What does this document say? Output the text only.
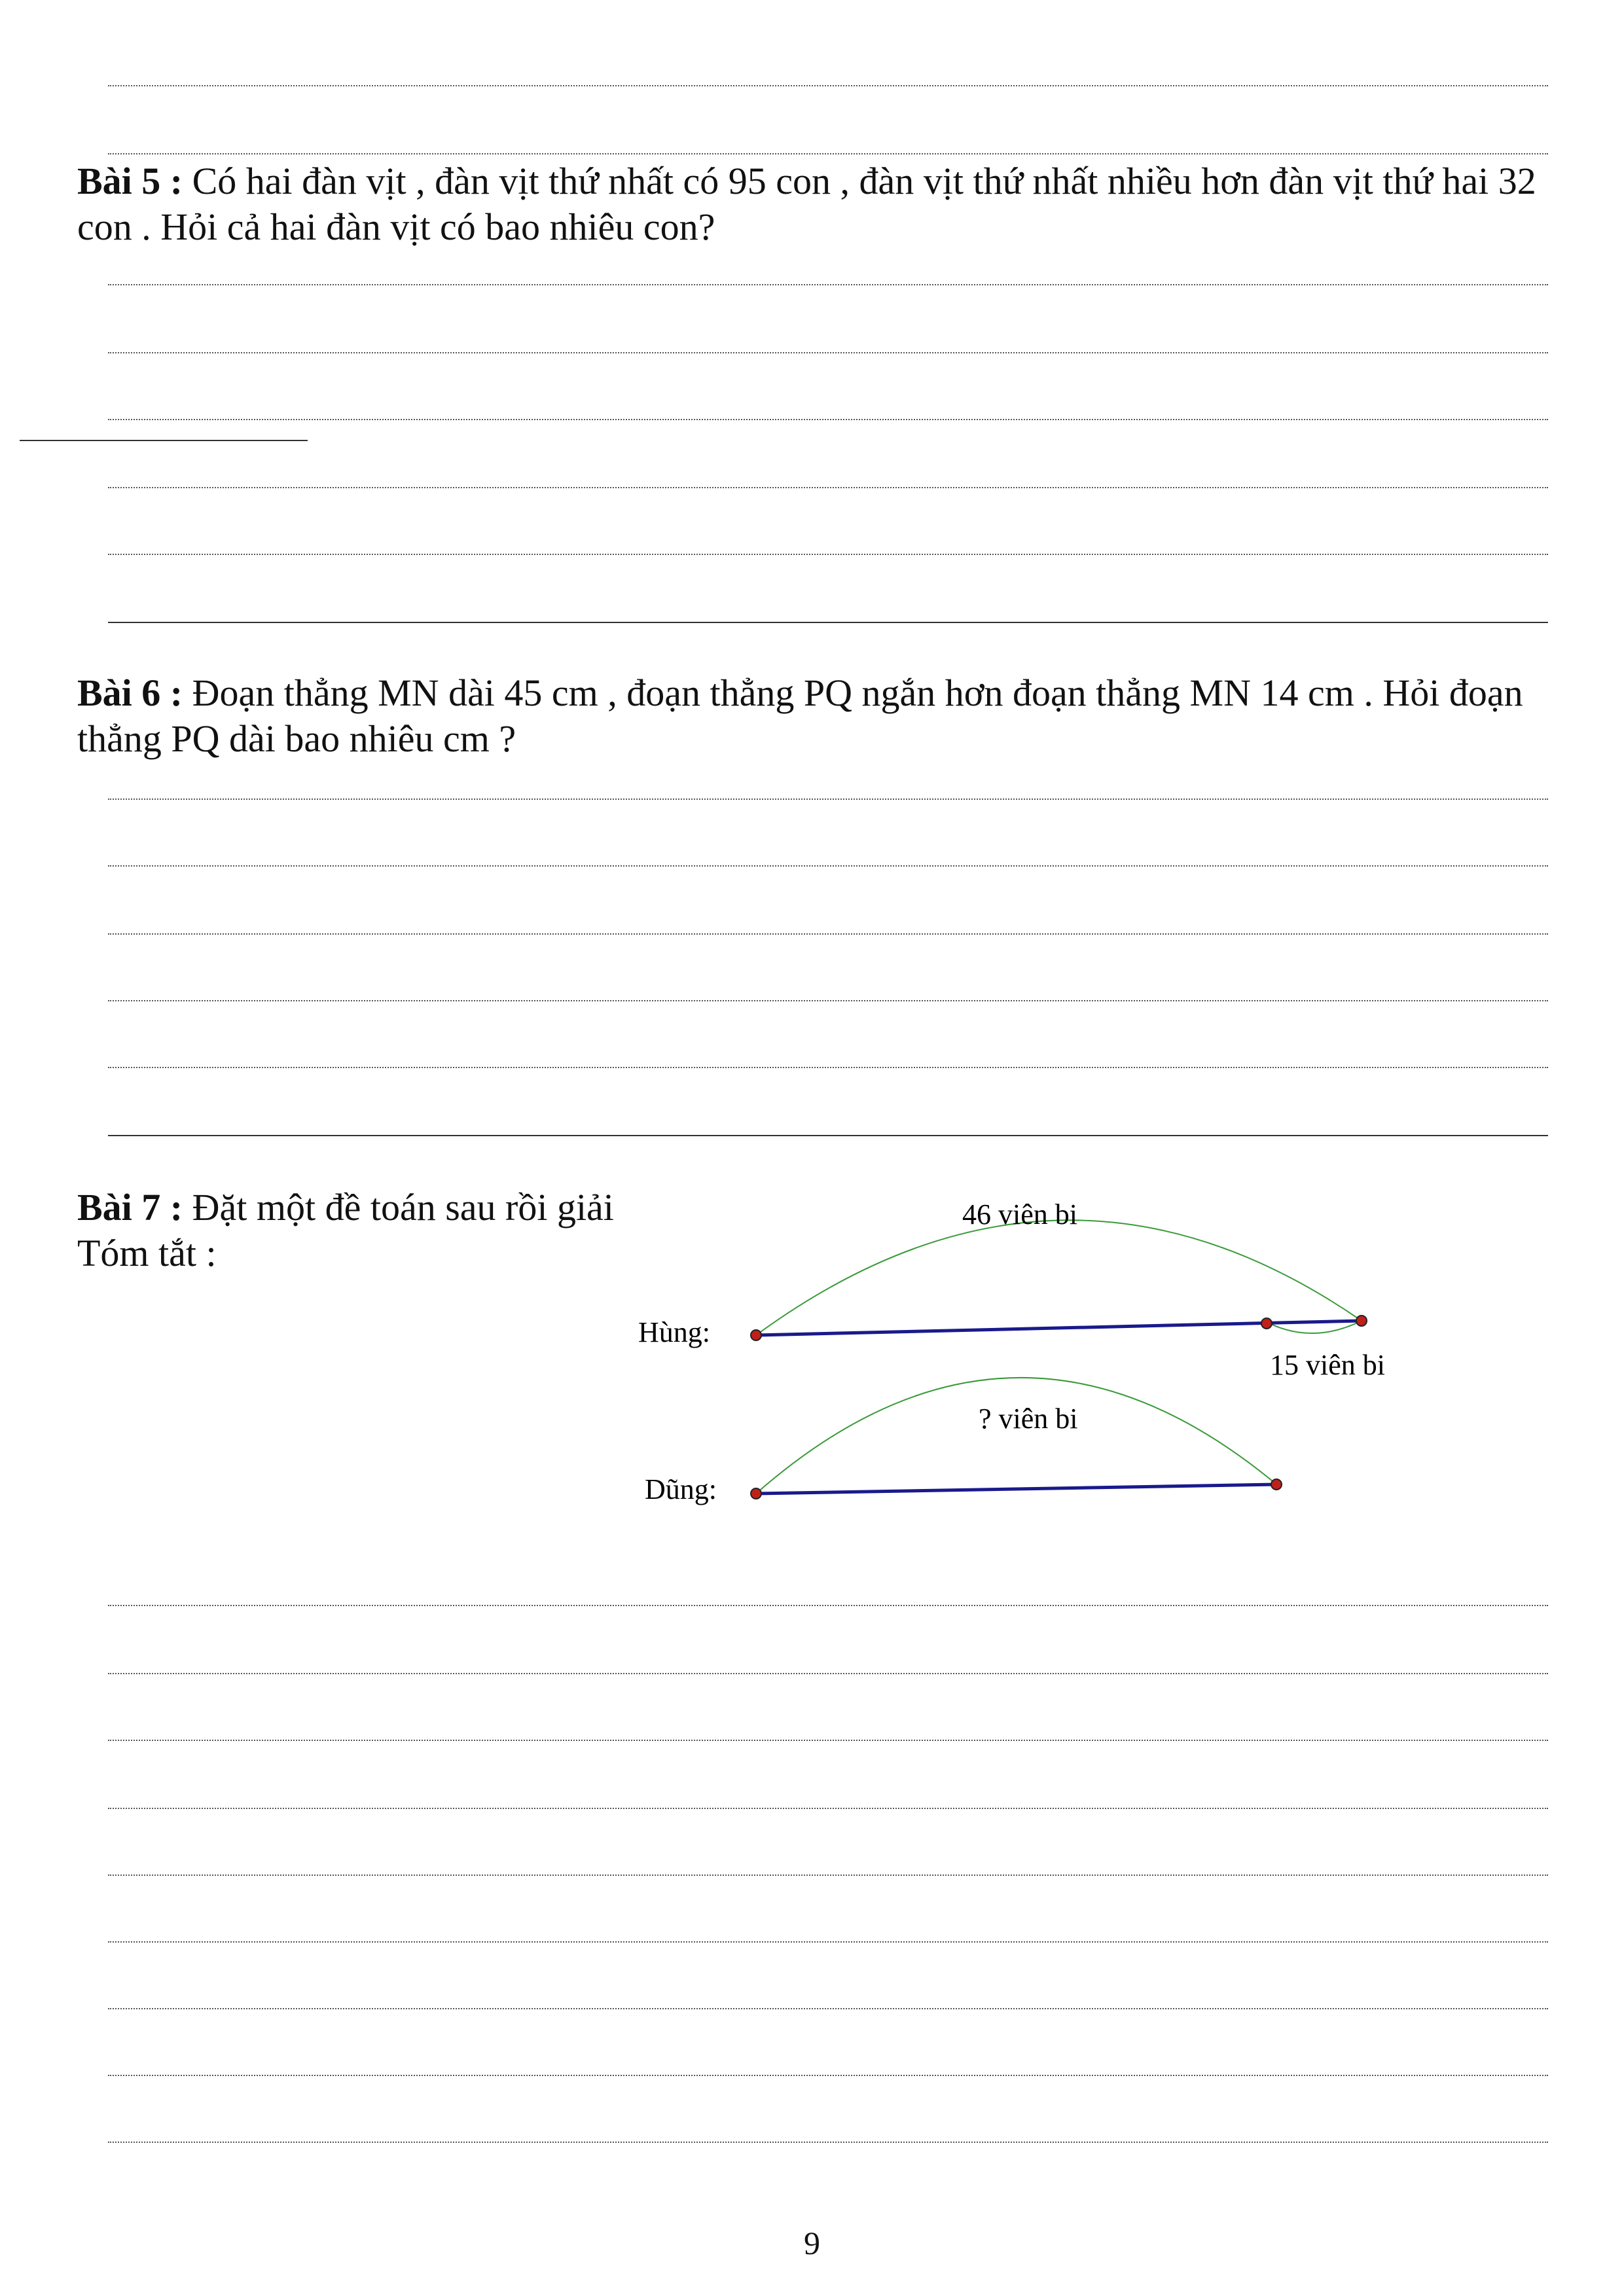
Bài 5 : Có hai đàn vịt , đàn vịt thứ nhất có 95 con , đàn vịt thứ nhất nhiều hơn đàn vịt thứ hai 32 con . Hỏi cả hai đàn vịt có bao nhiêu con?

Bài 6 : Đoạn thẳng MN dài 45 cm , đoạn thẳng PQ ngắn hơn đoạn thẳng MN 14 cm . Hỏi đoạn thẳng PQ dài bao nhiêu cm ?

Bài 7 : Đặt một đề toán sau rồi giải
Tóm tắt :

46 viên bi
Hùng:
15 viên bi
? viên bi
Dũng:
9
